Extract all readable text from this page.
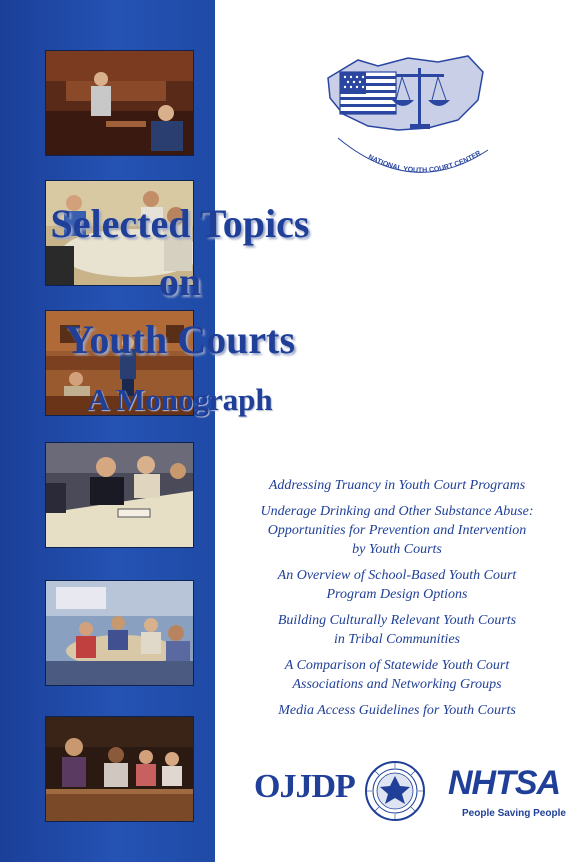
NATIONAL YOUTH COURT CENTER
Selected Topics
on
Youth Courts
A Monograph
Addressing Truancy in Youth Court Programs
Underage Drinking and Other Substance Abuse:
Opportunities for Prevention and Intervention
by Youth Courts
An Overview of School-Based Youth Court
Program Design Options
Building Culturally Relevant Youth Courts
in Tribal Communities
A Comparison of Statewide Youth Court
Associations and Networking Groups
Media Access Guidelines for Youth Courts
OJJDP	NHTSA
People Saving People
